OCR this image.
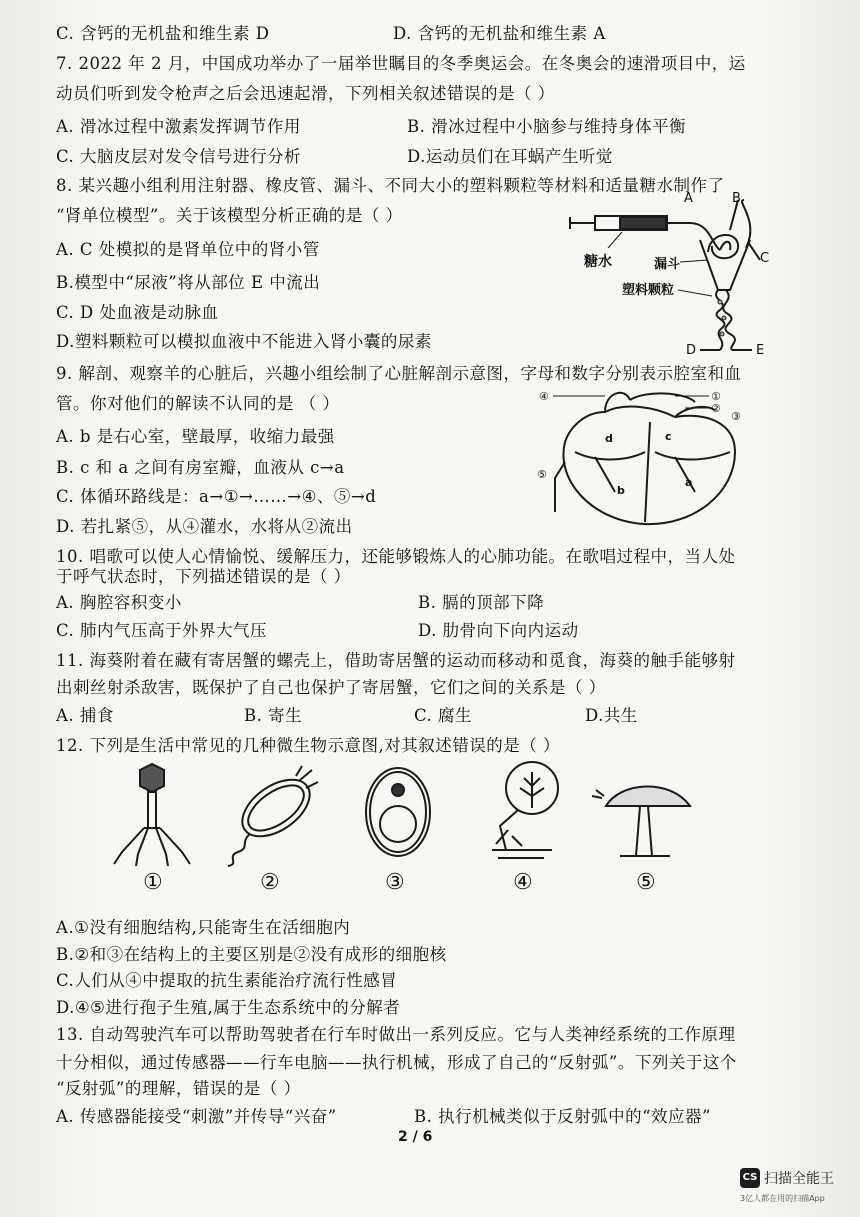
C. 含钙的无机盐和维生素 D	D. 含钙的无机盐和维生素 A
7. 2022 年 2 月，中国成功举办了一届举世瞩目的冬季奥运会。在冬奥会的速滑项目中，运
动员们听到发令枪声之后会迅速起滑，下列相关叙述错误的是（ ）
A. 滑冰过程中激素发挥调节作用	B. 滑冰过程中小脑参与维持身体平衡
C. 大脑皮层对发令信号进行分析	D.运动员们在耳蜗产生听觉
8. 某兴趣小组利用注射器、橡皮管、漏斗、不同大小的塑料颗粒等材料和适量糖水制作了
“肾单位模型”。关于该模型分析正确的是（ ）
A. C 处模拟的是肾单位中的肾小管
B.模型中“尿液”将从部位 E 中流出
C. D 处血液是动脉血
D.塑料颗粒可以模拟血液中不能进入肾小囊的尿素
A	B
C
D	E
糖水	漏斗
塑料颗粒
9. 解剖、观察羊的心脏后，兴趣小组绘制了心脏解剖示意图，字母和数字分别表示腔室和血
管。你对他们的解读不认同的是 （ ）
A. b 是右心室，壁最厚，收缩力最强
B. c 和 a 之间有房室瓣，血液从 c→a
C. 体循环路线是：a→①→……→④、⑤→d
D. 若扎紧⑤，从④灌水，水将从②流出
④	①
②
③
⑤
d	c
b
a
10. 唱歌可以使人心情愉悦、缓解压力，还能够锻炼人的心肺功能。在歌唱过程中，当人处
于呼气状态时，下列描述错误的是（ ）
A. 胸腔容积变小	B. 膈的顶部下降
C. 肺内气压高于外界大气压	D. 肋骨向下向内运动
11. 海葵附着在藏有寄居蟹的螺壳上，借助寄居蟹的运动而移动和觅食，海葵的触手能够射
出刺丝射杀敌害，既保护了自己也保护了寄居蟹，它们之间的关系是（ ）
A. 捕食	B. 寄生	C. 腐生	D.共生
12. 下列是生活中常见的几种微生物示意图,对其叙述错误的是（ ）
①	②	③	④	⑤
A.①没有细胞结构,只能寄生在活细胞内
B.②和③在结构上的主要区别是②没有成形的细胞核
C.人们从④中提取的抗生素能治疗流行性感冒
D.④⑤进行孢子生殖,属于生态系统中的分解者
13. 自动驾驶汽车可以帮助驾驶者在行车时做出一系列反应。它与人类神经系统的工作原理
十分相似，通过传感器——行车电脑——执行机械，形成了自己的“反射弧”。下列关于这个
“反射弧”的理解，错误的是（ ）
A. 传感器能接受“刺激”并传导“兴奋”	B. 执行机械类似于反射弧中的“效应器”
2 / 6
CS 扫描全能王
3亿人都在用的扫描App
